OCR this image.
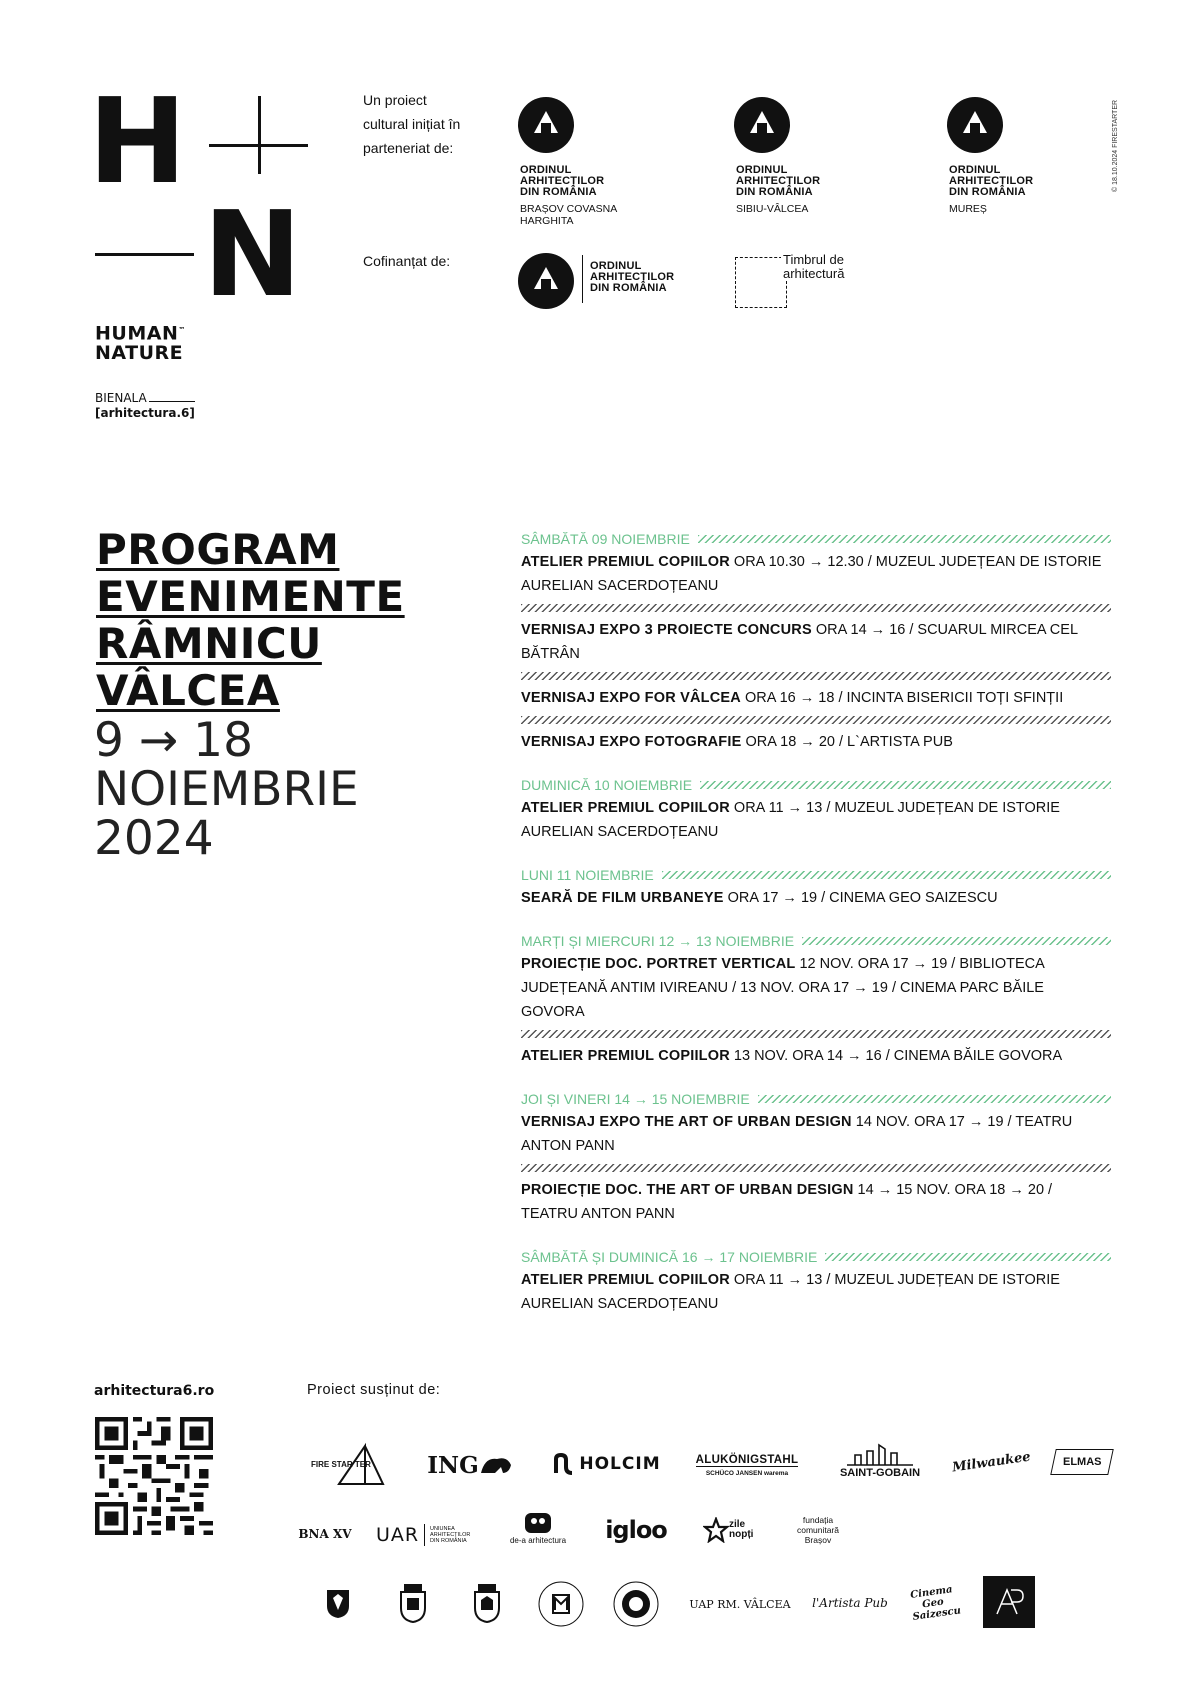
H
N
HUMAN™
NATURE
BIENALA
[arhitectura.6]
Un proiect
cultural inițiat în
parteneriat de:
ORDINUL
ARHITECȚILOR
DIN ROMÂNIA
BRAȘOV COVASNA
HARGHITA
ORDINUL
ARHITECȚILOR
DIN ROMÂNIA
SIBIU-VÂLCEA
ORDINUL
ARHITECȚILOR
DIN ROMÂNIA
MUREȘ
© 18.10.2024 FIRESTARTER
Cofinanțat de:	ORDINUL
ARHITECȚILOR
DIN ROMÂNIA
Timbrul de
arhitectură
PROGRAM
EVENIMENTE
RÂMNICU
VÂLCEA
9 → 18
NOIEMBRIE
2024
SÂMBĂTĂ 09 NOIEMBRIE
ATELIER PREMIUL COPIILOR ORA 10.30 → 12.30 / MUZEUL JUDEȚEAN DE ISTORIE AURELIAN SACERDOȚEANU
VERNISAJ EXPO 3 PROIECTE CONCURS ORA 14 → 16 / SCUARUL MIRCEA CEL BĂTRÂN
VERNISAJ EXPO FOR VÂLCEA ORA 16 → 18 / INCINTA BISERICII TOȚI SFINȚII
VERNISAJ EXPO FOTOGRAFIE ORA 18 → 20 / L`ARTISTA PUB
DUMINICĂ 10 NOIEMBRIE
ATELIER PREMIUL COPIILOR ORA 11 → 13 / MUZEUL JUDEȚEAN DE ISTORIE AURELIAN SACERDOȚEANU
LUNI 11 NOIEMBRIE
SEARĂ DE FILM URBANEYE ORA 17 → 19 / CINEMA GEO SAIZESCU
MARȚI ȘI MIERCURI 12 → 13 NOIEMBRIE
PROIECȚIE DOC. PORTRET VERTICAL 12 NOV. ORA 17 → 19 / BIBLIOTECA JUDEȚEANĂ ANTIM IVIREANU / 13 NOV. ORA 17 → 19 / CINEMA PARC BĂILE GOVORA
ATELIER PREMIUL COPIILOR 13 NOV. ORA 14 → 16 / CINEMA BĂILE GOVORA
JOI ȘI VINERI 14 → 15 NOIEMBRIE
VERNISAJ EXPO THE ART OF URBAN DESIGN 14 NOV. ORA 17 → 19 / TEATRU ANTON PANN
PROIECȚIE DOC. THE ART OF URBAN DESIGN 14 → 15 NOV. ORA 18 → 20 / TEATRU ANTON PANN
SÂMBĂTĂ ȘI DUMINICĂ 16 → 17 NOIEMBRIE
ATELIER PREMIUL COPIILOR ORA 11 → 13 / MUZEUL JUDEȚEAN DE ISTORIE AURELIAN SACERDOȚEANU
arhitectura6.ro	Proiect susținut de:
FIRE STAR TER ING	HOLCIM	ALUKÖNIGSTAHL
SCHÜCO JANSEN warema	SAINT-GOBAIN Milwaukee	ELMAS
BNA XV UAR UNIUNEA ARHITECȚILOR DIN ROMÂNIA	de-a arhitectura igloo	zile nopți
fundația comunitară Brașov
UAP RM. VÂLCEA l'Artista Pub
Cinema Geo Saizescu
